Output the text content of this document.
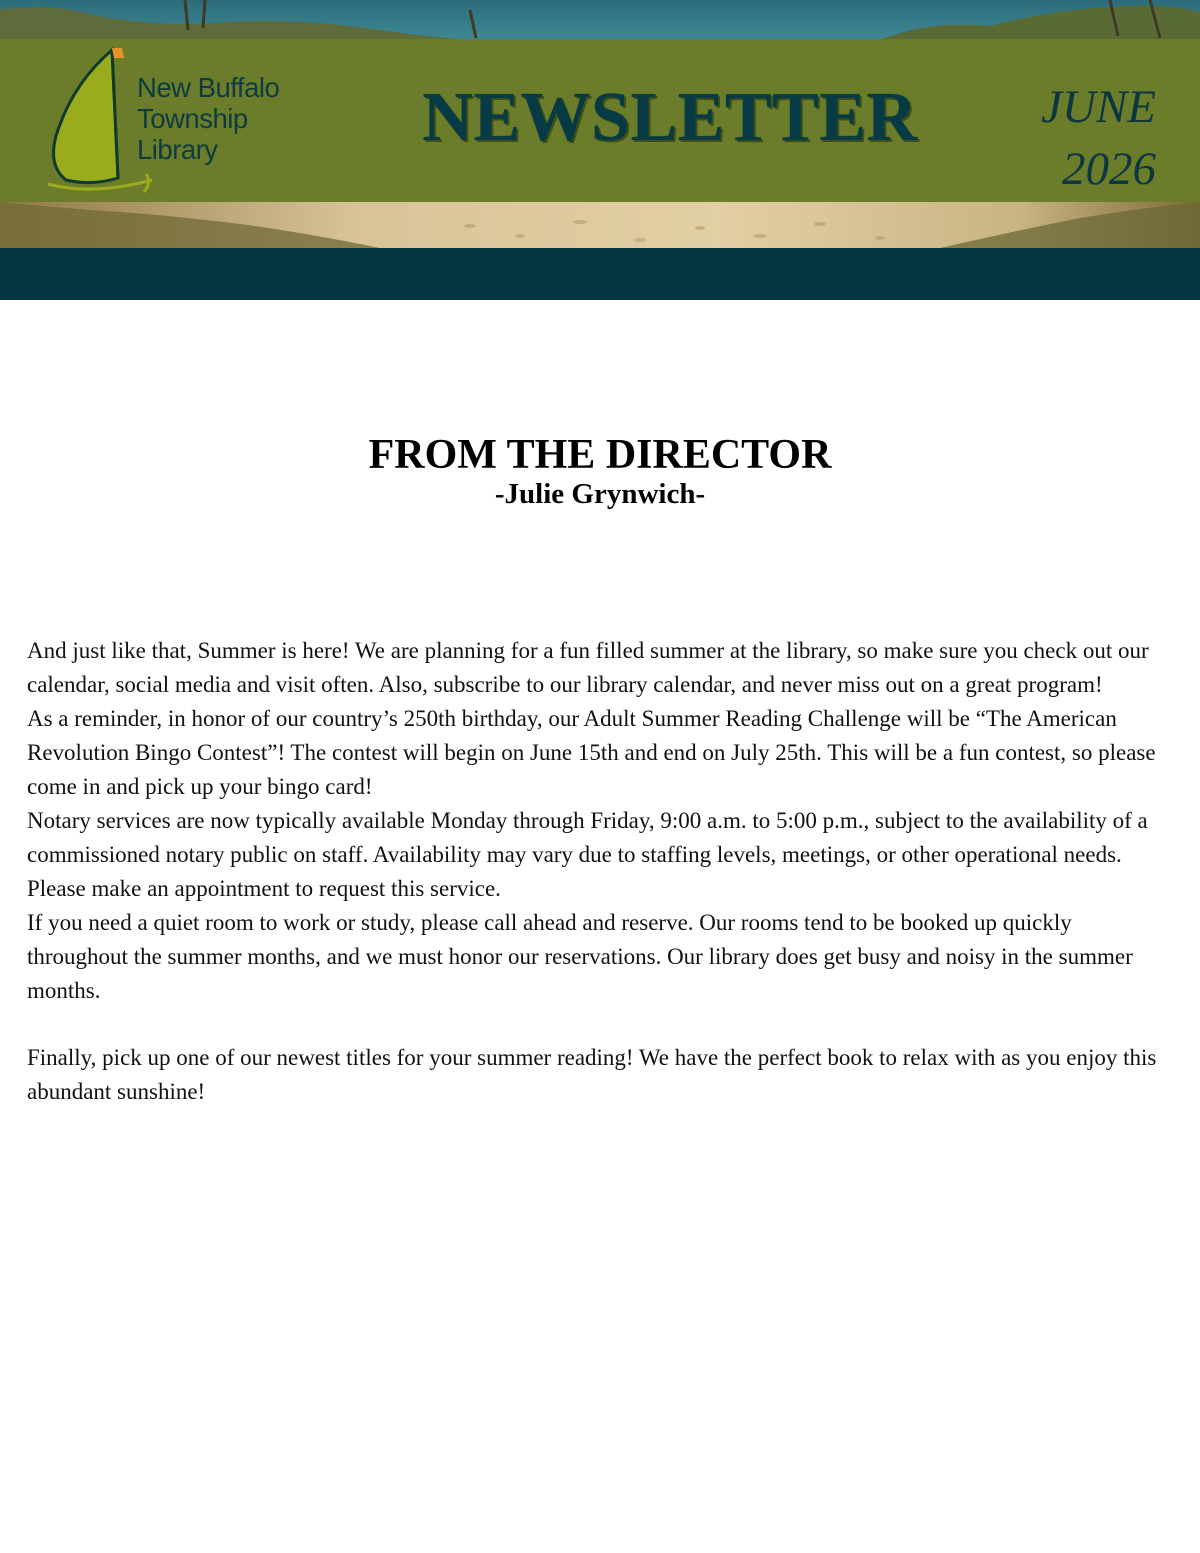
New Buffalo
Township
Library	NEWSLETTER	JUNE
2026
FROM THE DIRECTOR
-Julie Grynwich-

And just like that, Summer is here! We are planning for a fun filled summer at the library, so make sure you check out our calendar, social media and visit often. Also, subscribe to our library calendar, and never miss out on a great program!

As a reminder, in honor of our country’s 250th birthday, our Adult Summer Reading Challenge will be “The American Revolution Bingo Contest”! The contest will begin on June 15th and end on July 25th. This will be a fun contest, so please come in and pick up your bingo card!

Notary services are now typically available Monday through Friday, 9:00 a.m. to 5:00 p.m., subject to the availability of a commissioned notary public on staff. Availability may vary due to staffing levels, meetings, or other operational needs. Please make an appointment to request this service.

If you need a quiet room to work or study, please call ahead and reserve. Our rooms tend to be booked up quickly throughout the summer months, and we must honor our reservations. Our library does get busy and noisy in the summer months.

Finally, pick up one of our newest titles for your summer reading! We have the perfect book to relax with as you enjoy this abundant sunshine!
